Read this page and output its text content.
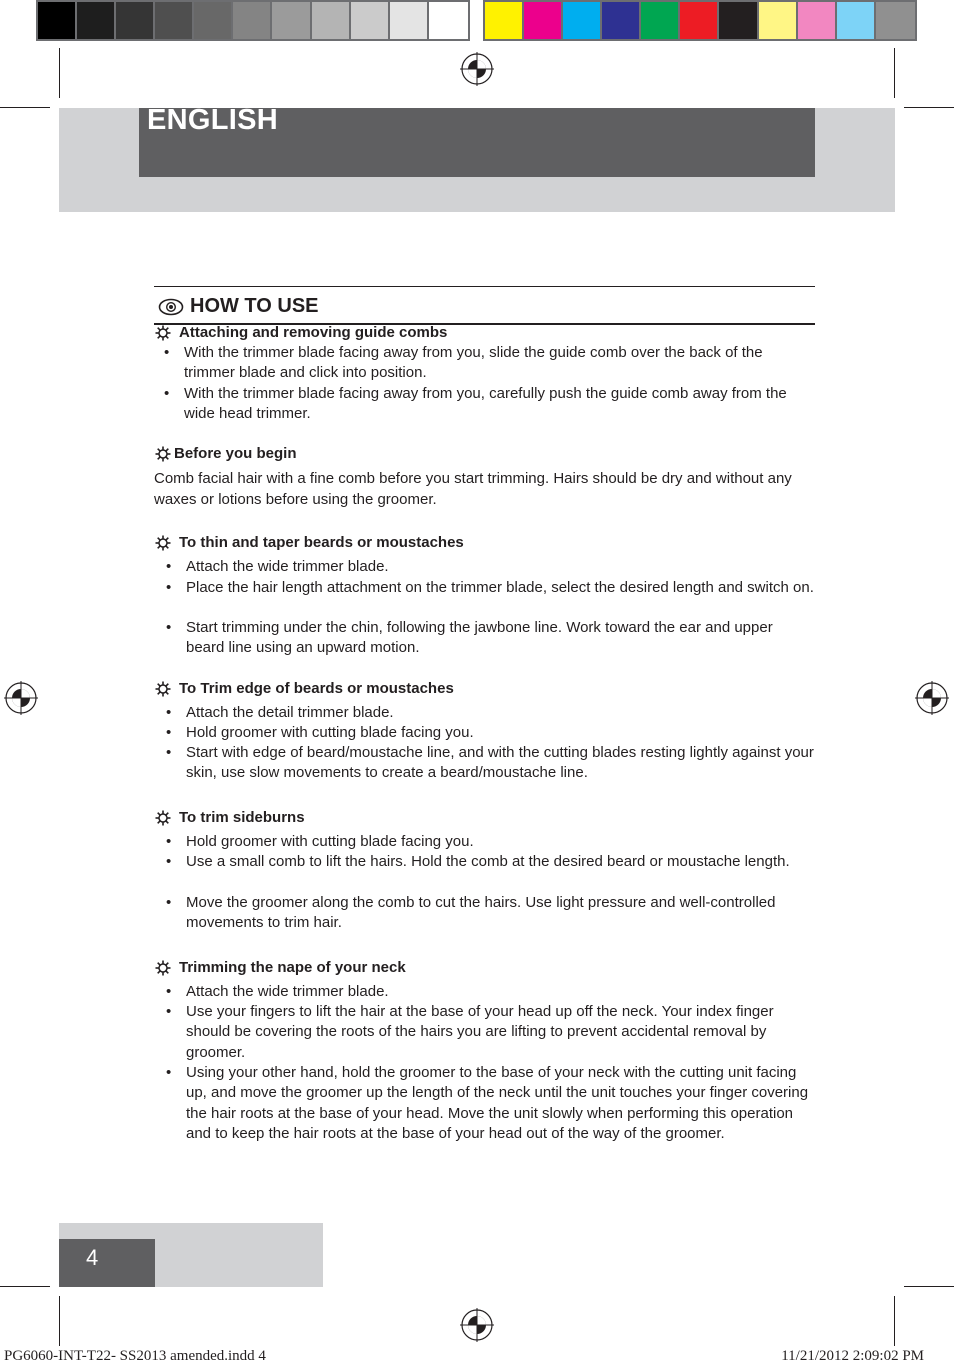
ENGLISH
HOW TO USE
Attaching and removing guide combs
• With the trimmer blade facing away from you, slide the guide comb over the back of the trimmer blade and click into position.
• With the trimmer blade facing away from you, carefully push the guide comb away from the wide head trimmer.
Before you begin
Comb facial hair with a fine comb before you start trimming. Hairs should be dry and without any waxes or lotions before using the groomer.
To thin and taper beards or moustaches
• Attach the wide trimmer blade.
• Place the hair length attachment on the trimmer blade, select the desired length and switch on.
• Start trimming under the chin, following the jawbone line. Work toward the ear and upper beard line using an upward motion.
To Trim edge of beards or moustaches
• Attach the detail trimmer blade.
• Hold groomer with cutting blade facing you.
• Start with edge of beard/moustache line, and with the cutting blades resting lightly against your skin, use slow movements to create a beard/moustache line.
To trim sideburns
• Hold groomer with cutting blade facing you.
• Use a small comb to lift the hairs. Hold the comb at the desired beard or moustache length.
• Move the groomer along the comb to cut the hairs. Use light pressure and well-controlled movements to trim hair.
Trimming the nape of your neck
• Attach the wide trimmer blade.
• Use your fingers to lift the hair at the base of your head up off the neck. Your index finger should be covering the roots of the hairs you are lifting to prevent accidental removal by groomer.
• Using your other hand, hold the groomer to the base of your neck with the cutting unit facing up, and move the groomer up the length of the neck until the unit touches your finger covering the hair roots at the base of your head. Move the unit slowly when performing this operation and to keep the hair roots at the base of your head out of the way of the groomer.
4
PG6060-INT-T22- SS2013 amended.indd 4	11/21/2012 2:09:02 PM
